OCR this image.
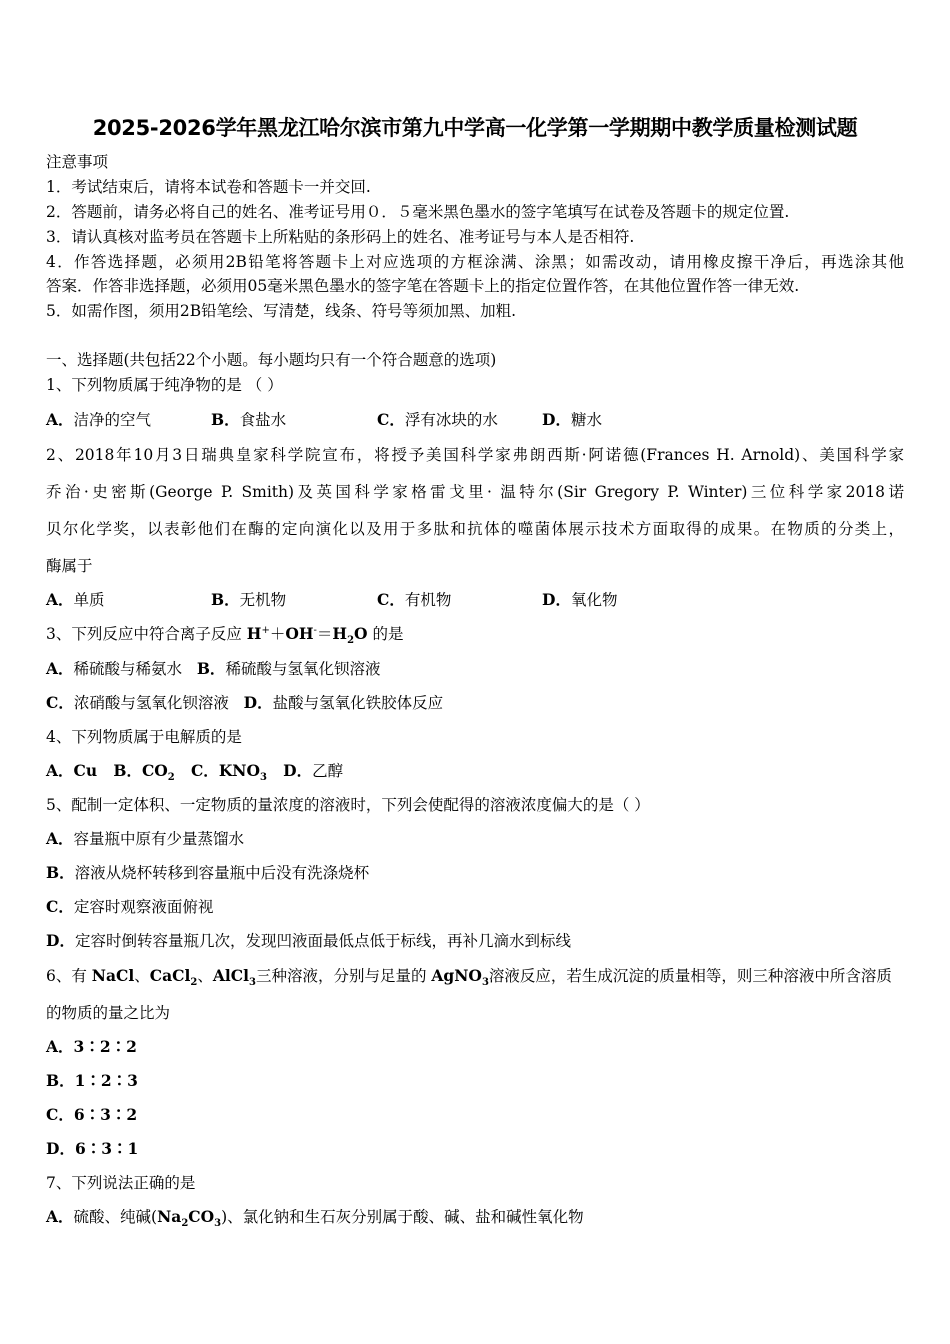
2025-2026学年黑龙江哈尔滨市第九中学高一化学第一学期期中教学质量检测试题
注意事项
1．考试结束后，请将本试卷和答题卡一并交回.
2．答题前，请务必将自己的姓名、准考证号用０．５毫米黑色墨水的签字笔填写在试卷及答题卡的规定位置.
3．请认真核对监考员在答题卡上所粘贴的条形码上的姓名、准考证号与本人是否相符.
4．作答选择题，必须用2B铅笔将答题卡上对应选项的方框涂满、涂黑；如需改动，请用橡皮擦干净后，再选涂其他
答案．作答非选择题，必须用05毫米黑色墨水的签字笔在答题卡上的指定位置作答，在其他位置作答一律无效.
5．如需作图，须用2B铅笔绘、写清楚，线条、符号等须加黑、加粗.
一、选择题(共包括22个小题。每小题均只有一个符合题意的选项)
1、下列物质属于纯净物的是 （ ）
A．洁净的空气	B．食盐水	C．浮有冰块的水	D．糖水
2、2018年10月3日瑞典皇家科学院宣布，将授予美国科学家弗朗西斯·阿诺德(Frances H. Arnold)、美国科学家
乔治·史密斯(George P. Smith)及英国科学家格雷戈里· 温特尔(Sir Gregory P. Winter)三位科学家2018诺
贝尔化学奖，以表彰他们在酶的定向演化以及用于多肽和抗体的噬菌体展示技术方面取得的成果。在物质的分类上，
酶属于
A．单质	B．无机物	C．有机物	D．氧化物
3、下列反应中符合离子反应 $H^++OH^-=H_2O$ 的是
A．稀硫酸与稀氨水 B．稀硫酸与氢氧化钡溶液
C．浓硝酸与氢氧化钡溶液 D．盐酸与氢氧化铁胶体反应
4、下列物质属于电解质的是
A．Cu B．$CO_2$ C．$KNO_3$ D．乙醇
5、配制一定体积、一定物质的量浓度的溶液时，下列会使配得的溶液浓度偏大的是（ ）
A．容量瓶中原有少量蒸馏水
B．溶液从烧杯转移到容量瓶中后没有洗涤烧杯
C．定容时观察液面俯视
D．定容时倒转容量瓶几次，发现凹液面最低点低于标线，再补几滴水到标线
6、有 NaCl、CaCl$_2$、AlCl$_3$三种溶液，分别与足量的 AgNO$_3$溶液反应，若生成沉淀的质量相等，则三种溶液中所含溶质
的物质的量之比为
A．3∶2∶2
B．1∶2∶3
C．6∶3∶2
D．6∶3∶1
7、下列说法正确的是
A．硫酸、纯碱$(Na_2CO_3)$、氯化钠和生石灰分别属于酸、碱、盐和碱性氧化物
